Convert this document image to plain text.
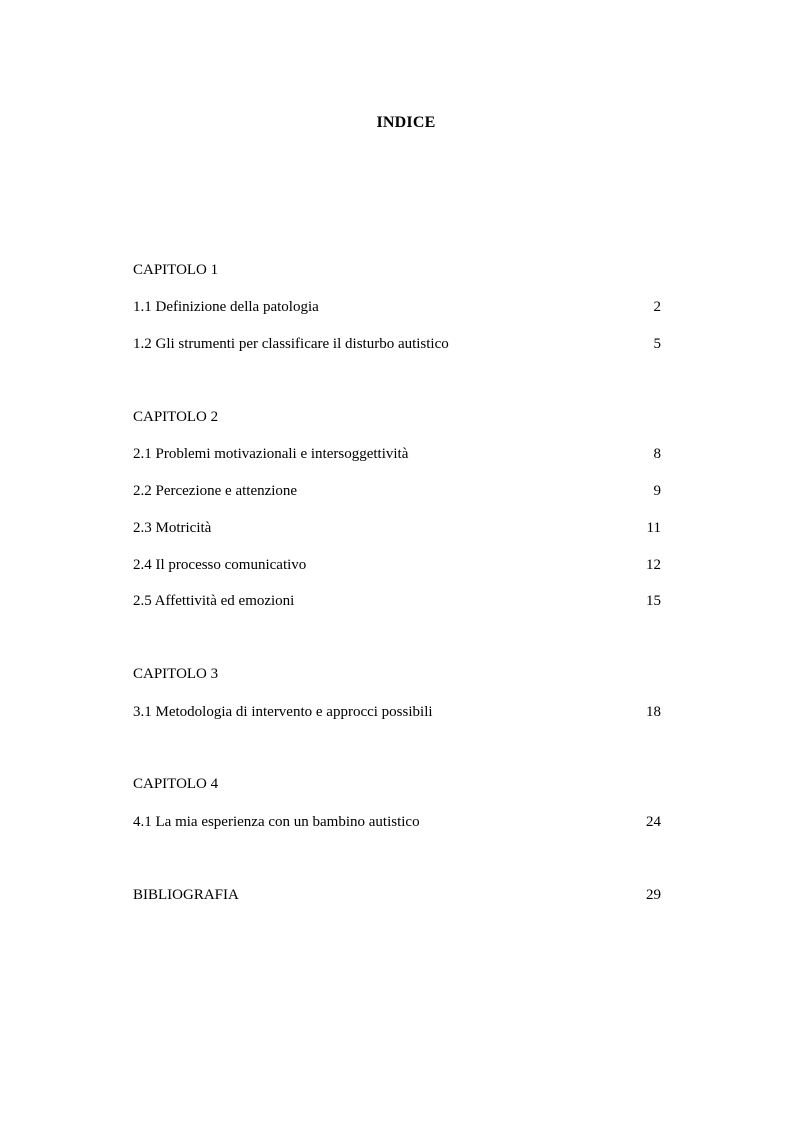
INDICE
CAPITOLO 1
1.1 Definizione della patologia	2
1.2 Gli strumenti per classificare il disturbo autistico	5
CAPITOLO 2
2.1 Problemi motivazionali e intersoggettività	8
2.2 Percezione e attenzione	9
2.3 Motricità	11
2.4 Il processo comunicativo	12
2.5 Affettività ed emozioni	15
CAPITOLO 3
3.1 Metodologia di intervento e approcci possibili	18
CAPITOLO 4
4.1 La mia esperienza con un bambino autistico	24
BIBLIOGRAFIA	29
